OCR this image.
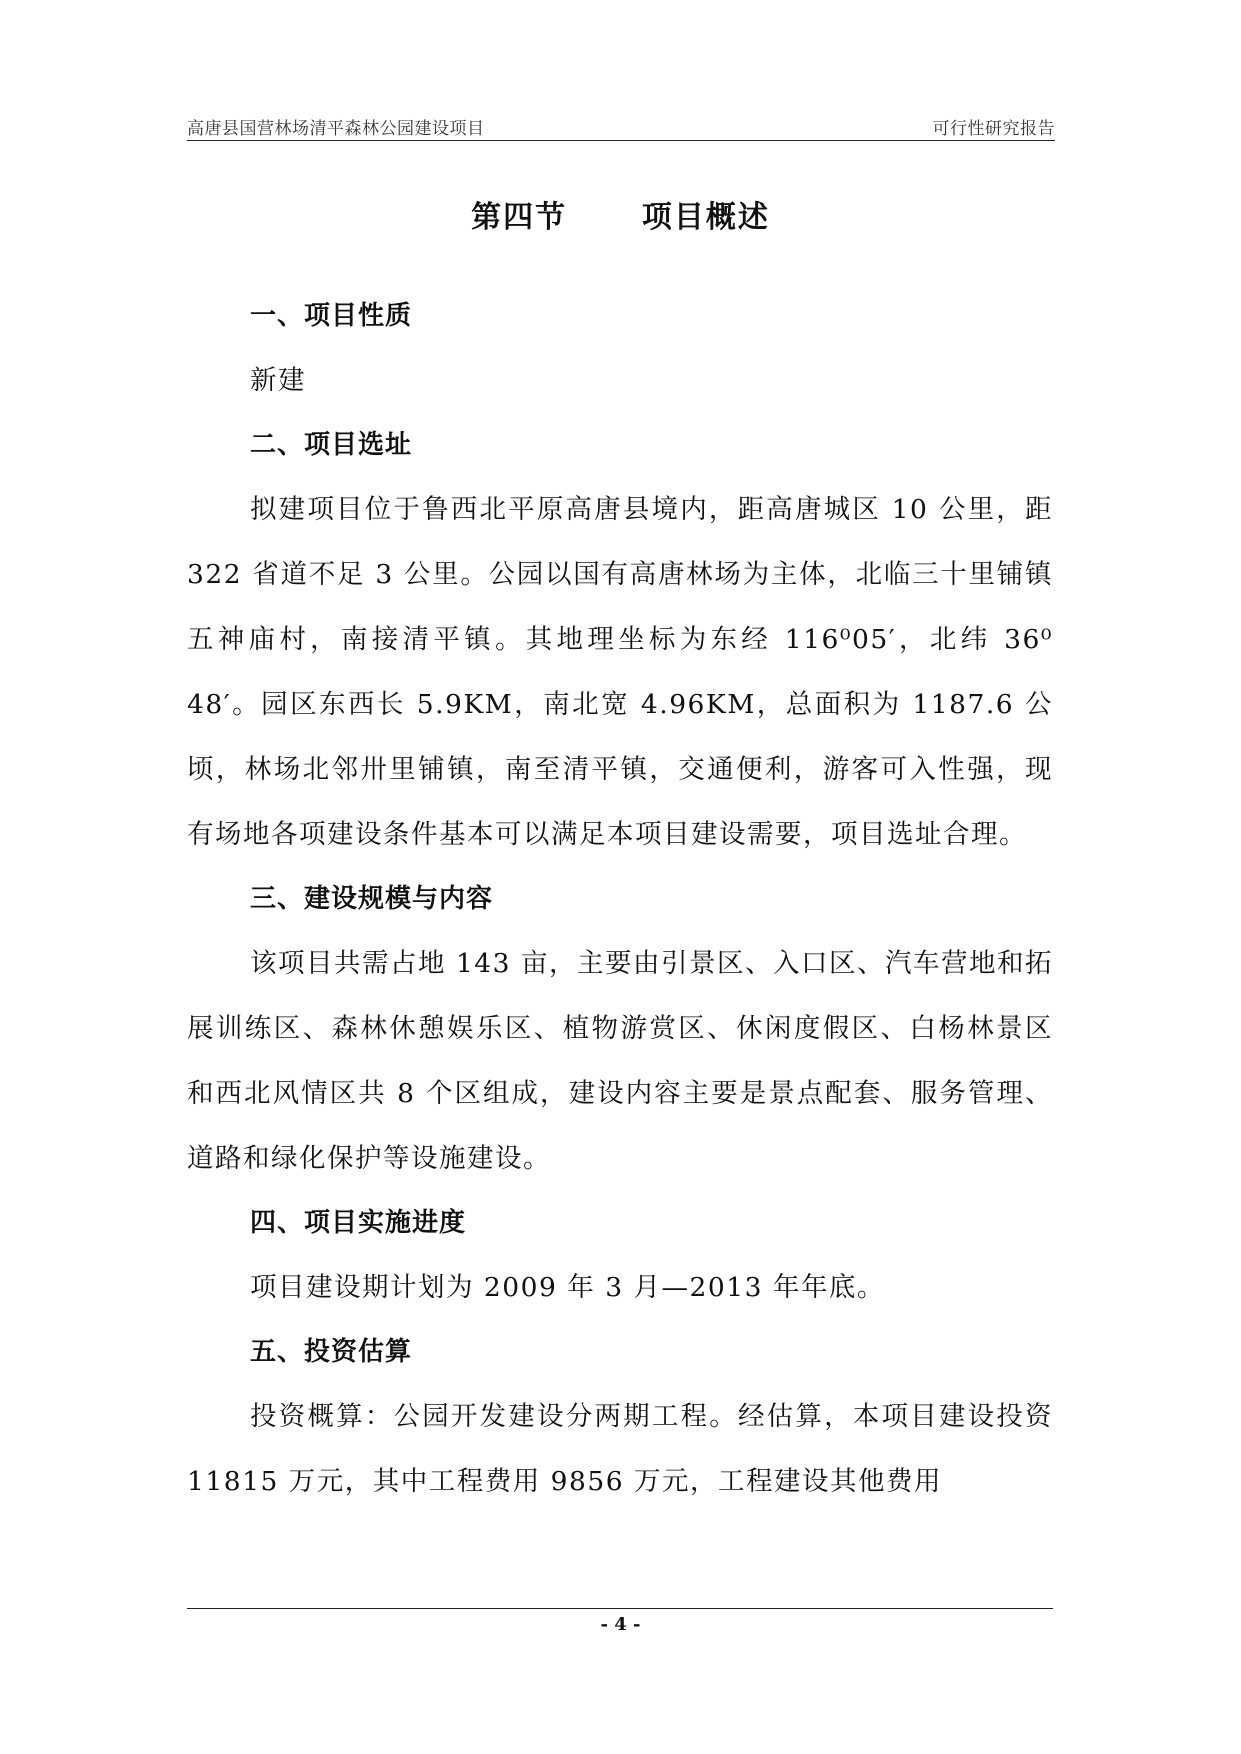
高唐县国营林场清平森林公园建设项目	可行性研究报告
第四节      项目概述
一、项目性质
新建
二、项目选址
拟建项目位于鲁西北平原高唐县境内，距高唐城区 10 公里，距 322 省道不足 3 公里。公园以国有高唐林场为主体，北临三十里铺镇五神庙村，南接清平镇。其地理坐标为东经 116⁰05′，北纬 36⁰ 48′。园区东西长 5.9KM，南北宽 4.96KM，总面积为 1187.6 公顷，林场北邻卅里铺镇，南至清平镇，交通便利，游客可入性强，现有场地各项建设条件基本可以满足本项目建设需要，项目选址合理。
三、建设规模与内容
该项目共需占地 143 亩，主要由引景区、入口区、汽车营地和拓展训练区、森林休憩娱乐区、植物游赏区、休闲度假区、白杨林景区和西北风情区共 8 个区组成，建设内容主要是景点配套、服务管理、道路和绿化保护等设施建设。
四、项目实施进度
项目建设期计划为 2009 年 3 月—2013 年年底。
五、投资估算
投资概算：公园开发建设分两期工程。经估算，本项目建设投资 11815 万元，其中工程费用 9856 万元，工程建设其他费用
- 4 -
